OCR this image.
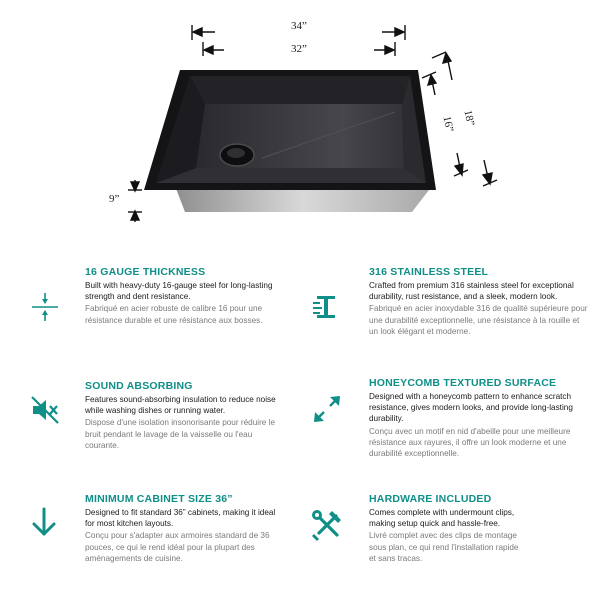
34”
32”
18”
16”
9”
16 GAUGE THICKNESS

Built with heavy-duty 16-gauge steel for long-lasting strength and dent resistance.

Fabriqué en acier robuste de calibre 16 pour une résistance durable et une résistance aux bosses.

316 STAINLESS STEEL

Crafted from premium 316 stainless steel for exceptional durability, rust resistance, and a sleek, modern look.

Fabriqué en acier inoxydable 316 de qualité supérieure pour une durabilité exceptionnelle, une résistance à la rouille et un look élégant et moderne.

SOUND ABSORBING

Features sound-absorbing insulation to reduce noise while washing dishes or running water.

Dispose d'une isolation insonorisante pour réduire le bruit pendant le lavage de la vaisselle ou l'eau courante.

HONEYCOMB TEXTURED SURFACE

Designed with a honeycomb pattern to enhance scratch resistance, gives modern looks, and provide long-lasting durability.

Conçu avec un motif en nid d'abeille pour une meilleure résistance aux rayures, il offre un look moderne et une durabilité exceptionnelle.

MINIMUM CABINET SIZE 36”

Designed to fit standard 36” cabinets, making it ideal for most kitchen layouts.

Conçu pour s'adapter aux armoires standard de 36 pouces, ce qui le rend idéal pour la plupart des aménagements de cuisine.

HARDWARE INCLUDED

Comes complete with undermount clips, making setup quick and hassle-free.

Livré complet avec des clips de montage sous plan, ce qui rend l'installation rapide et sans tracas.
